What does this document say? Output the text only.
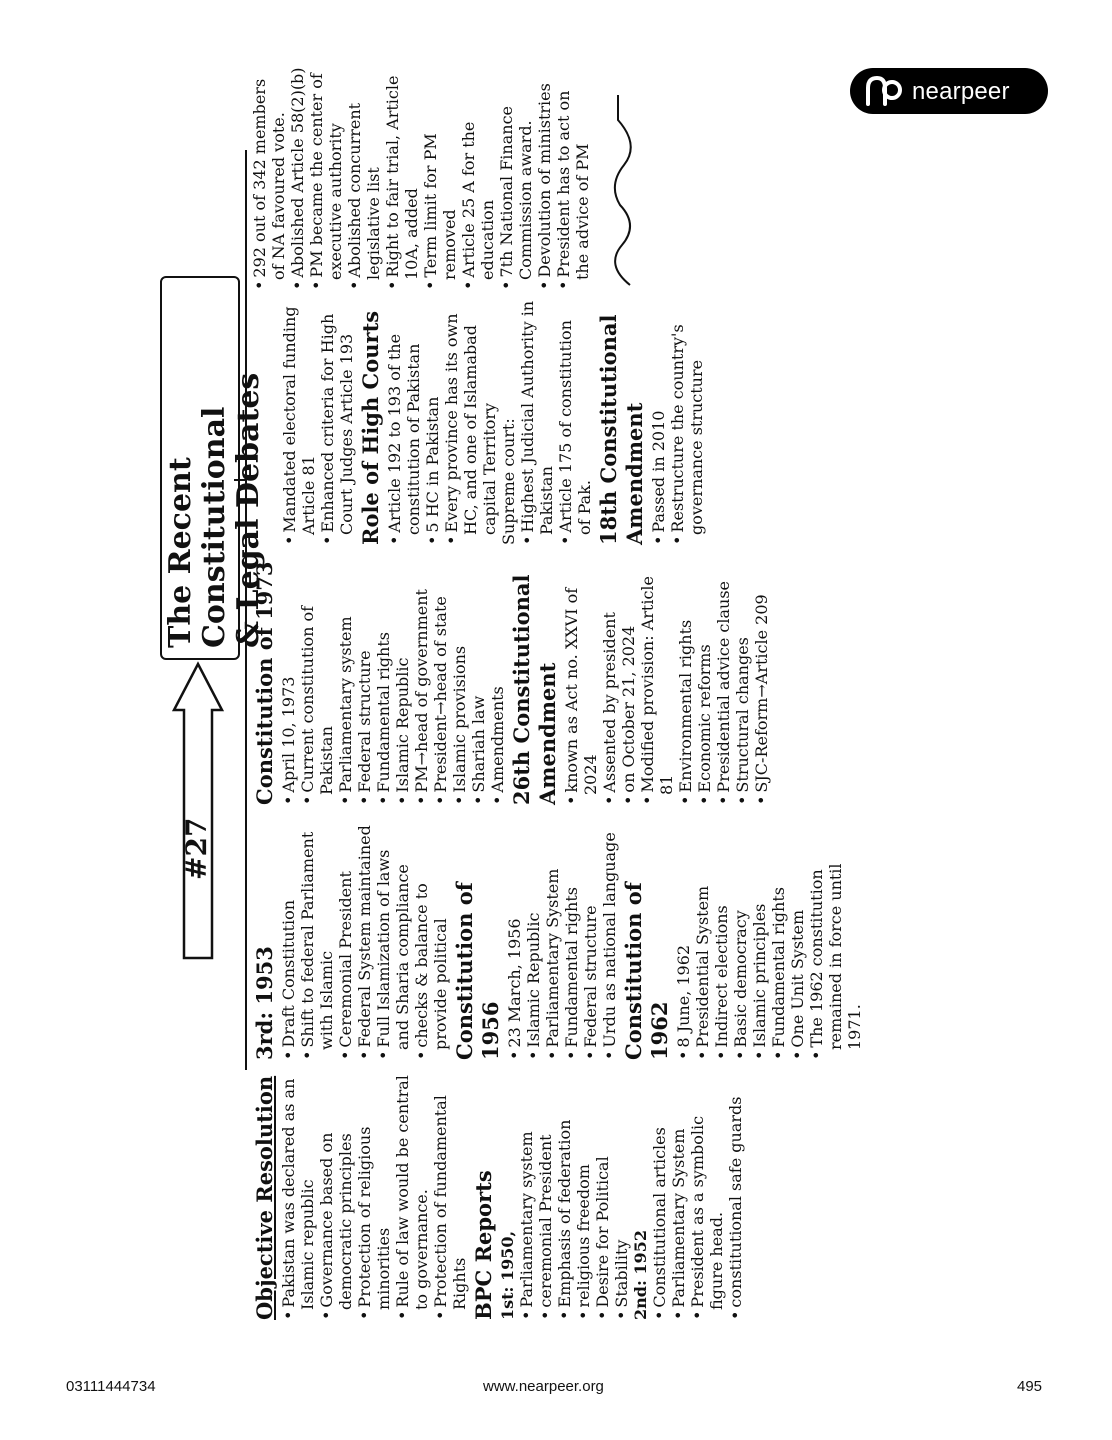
nearpeer
#27
The Recent Constitutional & Legal Debates
Objective Resolution • Pakistan was declared as an Islamic republic • Governance based on democratic principles • Protection of religious minorities • Rule of law would be central to governance. • Protection of fundamental Rights BPC Reports 1st: 1950, • Parliamentary system • ceremonial President • Emphasis of federation • religious freedom • Desire for Political • Stability 2nd: 1952 • Constitutional articles • Parliamentary System • President as a symbolic figure head. • constitutional safe guards
3rd: 1953 • Draft Constitution • Shift to federal Parliament with Islamic • Ceremonial President • Federal System maintained • Full Islamization of laws and Sharia compliance • checks & balance to provide political Constitution of 1956 • 23 March, 1956 • Islamic Republic • Parliamentary System • Fundamental rights • Federal structure • Urdu as national language Constitution of 1962 • 8 June, 1962 • Presidential System • Indirect elections • Basic democracy • Islamic principles • Fundamental rights • One Unit System • The 1962 constitution remained in force until 1971.
Constitution of 1973 • April 10, 1973 • Current constitution of Pakistan • Parliamentary system • Federal structure • Fundamental rights • Islamic Republic • PM→head of government • President→head of state • Islamic provisions • Shariah law • Amendments 26th Constitutional Amendment • known as Act no. XXVI of 2024 • Assented by president • on October 21, 2024 • Modified provision: Article 81 • Environmental rights • Economic reforms • Presidential advice clause • Structural changes • SJC-Reform→Article 209
• Mandated electoral funding Article 81 • Enhanced criteria for High Court Judges Article 193 Role of High Courts • Article 192 to 193 of the constitution of Pakistan • 5 HC in Pakistan • Every province has its own HC, and one of Islamabad capital Territory Supreme court: • Highest Judicial Authority in Pakistan • Article 175 of constitution of Pak. 18th Constitutional Amendment • Passed in 2010 • Restructure the country's governance structure
• 292 out of 342 members of NA favoured vote. • Abolished Article 58(2)(b) • PM became the center of executive authority • Abolished concurrent legislative list • Right to fair trial, Article 10A, added • Term limit for PM removed • Article 25 A for the education • 7th National Finance Commission award. • Devolution of ministries • President has to act on the advice of PM
03111444734	www.nearpeer.org	495
